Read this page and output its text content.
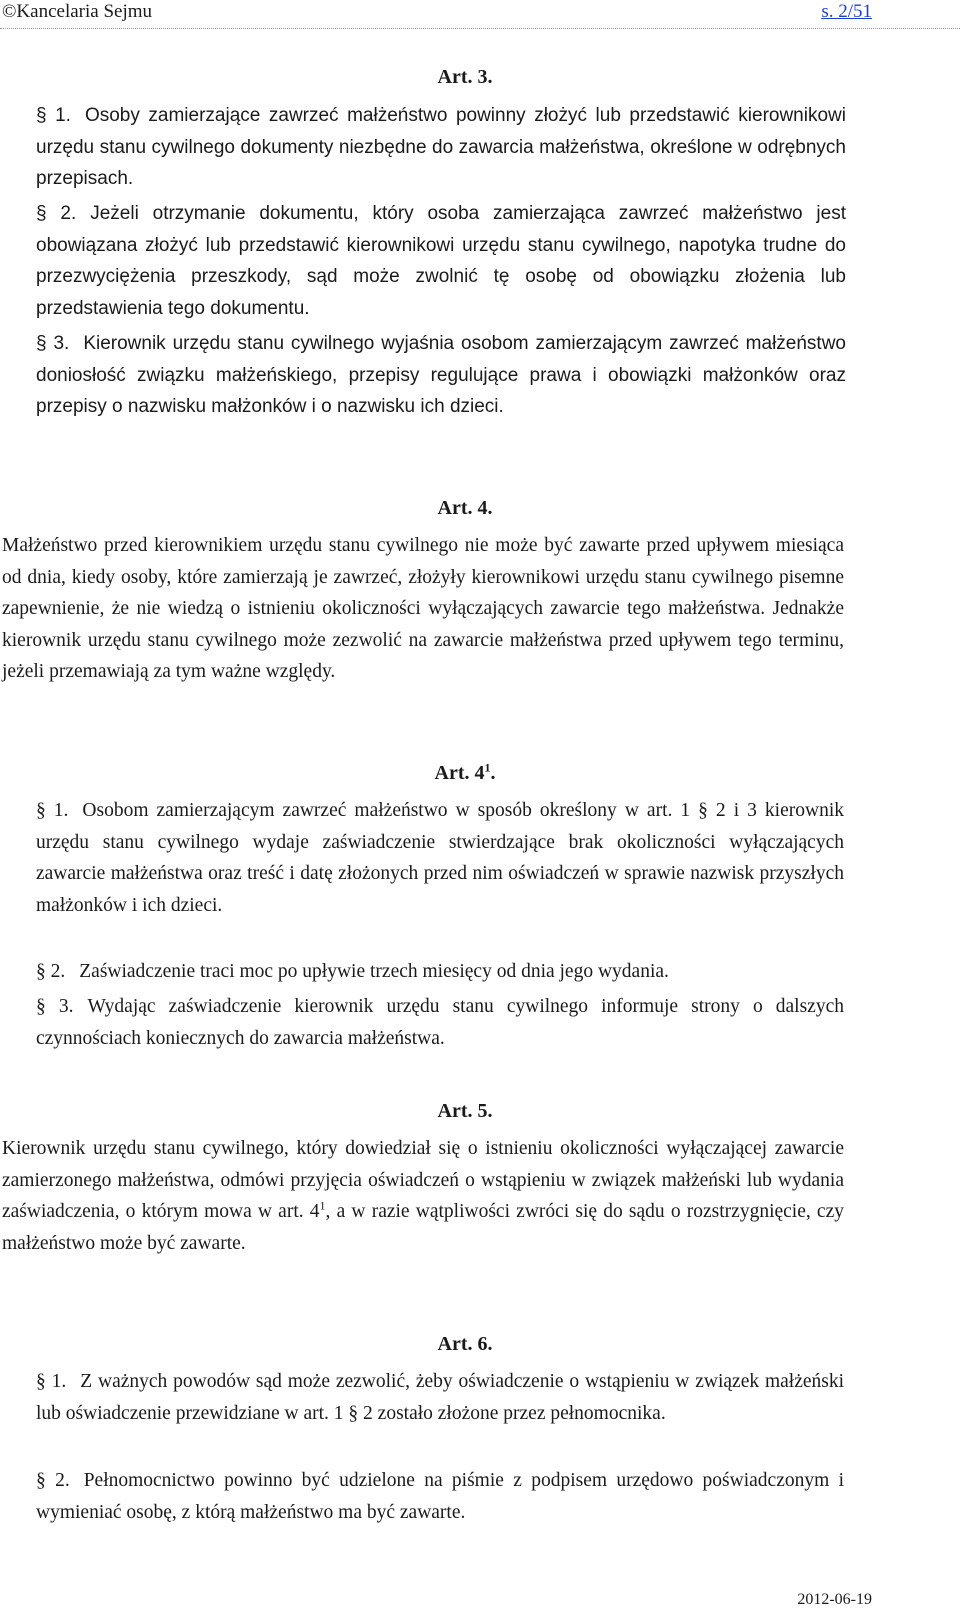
©Kancelaria Sejmu	s. 2/51
Art. 3.
§ 1. Osoby zamierzające zawrzeć małżeństwo powinny złożyć lub przedstawić kierownikowi urzędu stanu cywilnego dokumenty niezbędne do zawarcia małżeństwa, określone w odrębnych przepisach.
§ 2. Jeżeli otrzymanie dokumentu, który osoba zamierzająca zawrzeć małżeństwo jest obowiązana złożyć lub przedstawić kierownikowi urzędu stanu cywilnego, napotyka trudne do przezwyciężenia przeszkody, sąd może zwolnić tę osobę od obowiązku złożenia lub przedstawienia tego dokumentu.
§ 3. Kierownik urzędu stanu cywilnego wyjaśnia osobom zamierzającym zawrzeć małżeństwo doniosłość związku małżeńskiego, przepisy regulujące prawa i obowiązki małżonków oraz przepisy o nazwisku małżonków i o nazwisku ich dzieci.
Art. 4.
Małżeństwo przed kierownikiem urzędu stanu cywilnego nie może być zawarte przed upływem miesiąca od dnia, kiedy osoby, które zamierzają je zawrzeć, złożyły kierownikowi urzędu stanu cywilnego pisemne zapewnienie, że nie wiedzą o istnieniu okoliczności wyłączających zawarcie tego małżeństwa. Jednakże kierownik urzędu stanu cywilnego może zezwolić na zawarcie małżeństwa przed upływem tego terminu, jeżeli przemawiają za tym ważne względy.
Art. $4^1$.
§ 1. Osobom zamierzającym zawrzeć małżeństwo w sposób określony w art. 1 § 2 i 3 kierownik urzędu stanu cywilnego wydaje zaświadczenie stwierdzające brak okoliczności wyłączających zawarcie małżeństwa oraz treść i datę złożonych przed nim oświadczeń w sprawie nazwisk przyszłych małżonków i ich dzieci.
§ 2. Zaświadczenie traci moc po upływie trzech miesięcy od dnia jego wydania.
§ 3. Wydając zaświadczenie kierownik urzędu stanu cywilnego informuje strony o dalszych czynnościach koniecznych do zawarcia małżeństwa.
Art. 5.
Kierownik urzędu stanu cywilnego, który dowiedział się o istnieniu okoliczności wyłączającej zawarcie zamierzonego małżeństwa, odmówi przyjęcia oświadczeń o wstąpieniu w związek małżeński lub wydania zaświadczenia, o którym mowa w art. $4^1$, a w razie wątpliwości zwróci się do sądu o rozstrzygnięcie, czy małżeństwo może być zawarte.
Art. 6.
§ 1. Z ważnych powodów sąd może zezwolić, żeby oświadczenie o wstąpieniu w związek małżeński lub oświadczenie przewidziane w art. 1 § 2 zostało złożone przez pełnomocnika.
§ 2. Pełnomocnictwo powinno być udzielone na piśmie z podpisem urzędowo poświadczonym i wymieniać osobę, z którą małżeństwo ma być zawarte.
2012-06-19
